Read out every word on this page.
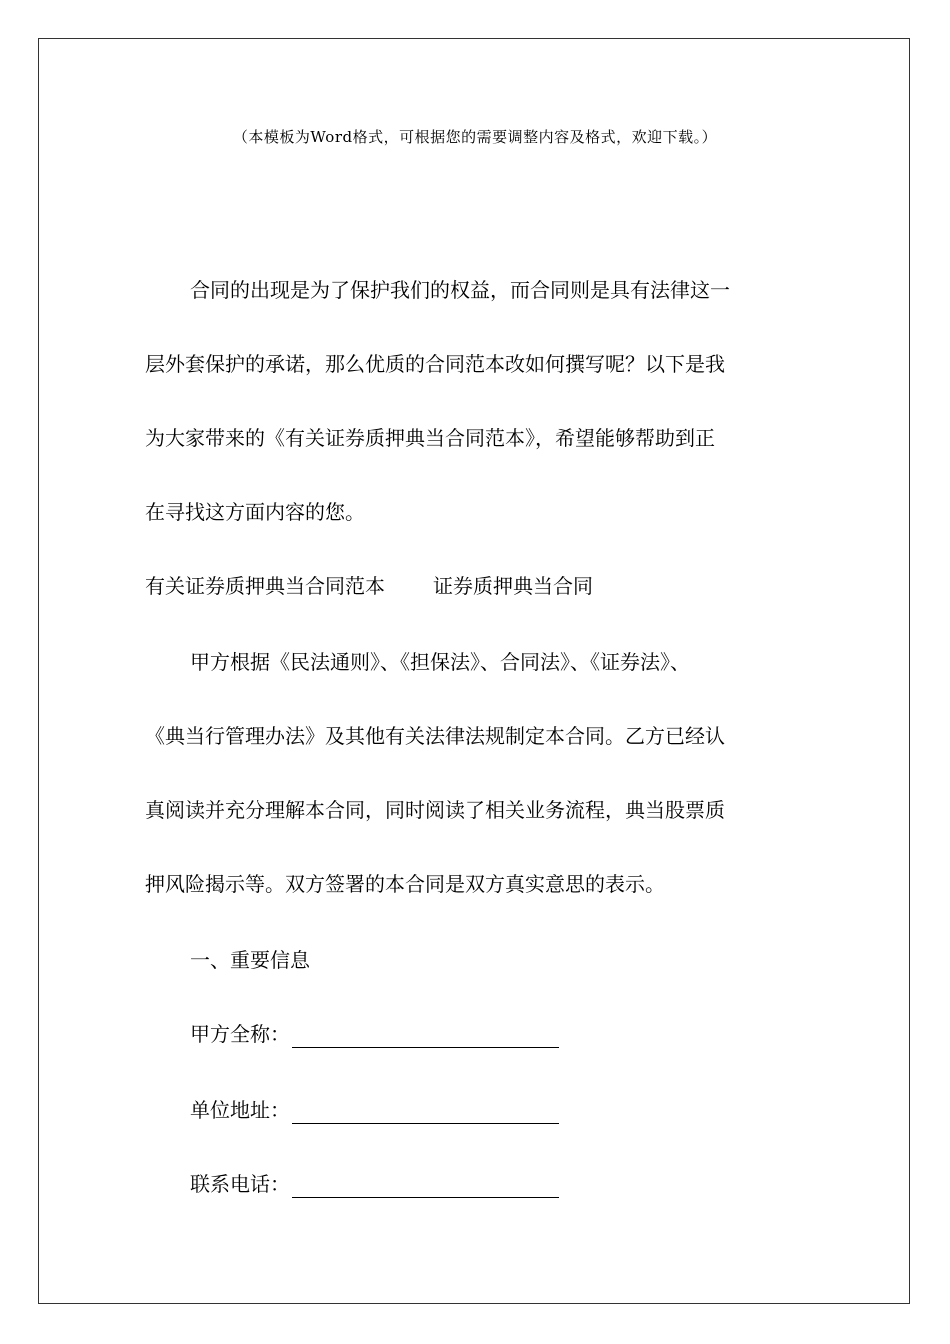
（本模板为Word格式，可根据您的需要调整内容及格式，欢迎下载。）
合同的出现是为了保护我们的权益，而合同则是具有法律这一
层外套保护的承诺，那么优质的合同范本改如何撰写呢？以下是我
为大家带来的《有关证券质押典当合同范本》，希望能够帮助到正
在寻找这方面内容的您。
有关证券质押典当合同范本 证券质押典当合同
甲方根据《民法通则》、《担保法》、合同法》、《证券法》、
《典当行管理办法》及其他有关法律法规制定本合同。乙方已经认
真阅读并充分理解本合同，同时阅读了相关业务流程，典当股票质
押风险揭示等。双方签署的本合同是双方真实意思的表示。
一、重要信息
甲方全称：
单位地址：
联系电话：
